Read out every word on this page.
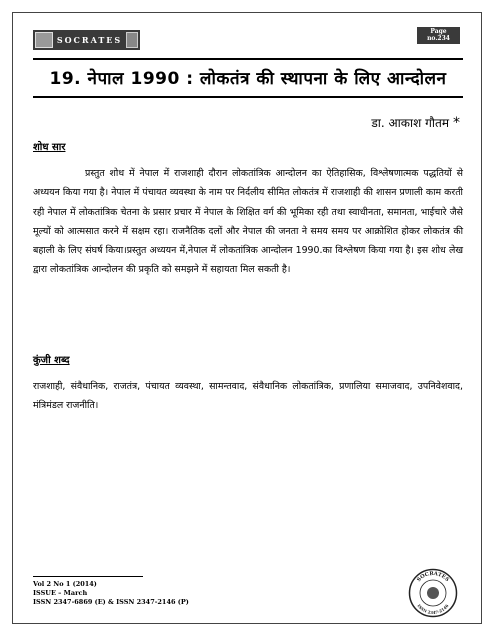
SOCRATES
Page
no.234
19. नेपाल 1990 : लोकतंत्र की स्थापना के लिए आन्दोलन
डा. आकाश गौतम *
शोध सार
प्रस्तुत शोध में नेपाल में राजशाही दौरान लोकतांत्रिक आन्दोलन का ऐतिहासिक, विश्लेषणात्मक पद्धतियों से अध्ययन किया गया है। नेपाल में पंचायत व्यवस्था के नाम पर निर्दलीय सीमित लोकतंत्र में राजशाही की शासन प्रणाली काम करती रही नेपाल में लोकतांत्रिक चेतना के प्रसार प्रचार में नेपाल के शिक्षित वर्ग की भूमिका रही तथा स्वाधीनता, समानता, भाईचारे जैसे मूल्यों को आत्मसात करने में सक्षम रहा। राजनैतिक दलों और नेपाल की जनता ने समय समय पर आक्रोशित होकर लोकतंत्र की बहाली के लिए संघर्ष किया।प्रस्तुत अध्ययन में,नेपाल में लोकतांत्रिक आन्दोलन 1990.का विश्लेषण किया गया है। इस शोध लेख द्वारा लोकतांत्रिक आन्दोलन की प्रकृति को समझने में सहायता मिल सकती है।
कुंजी शब्द
राजशाही, संवैधानिक, राजतंत्र, पंचायत व्यवस्था, सामन्तवाद, संवैधानिक लोकतांत्रिक, प्रणालिया समाजवाद, उपनिवेशवाद, मंत्रिमंडल राजनीति।
Vol 2 No 1 (2014)
ISSUE – March
ISSN 2347-6869 (E) & ISSN 2347-2146 (P)
SOCRATES
ISSN 2347-2146
